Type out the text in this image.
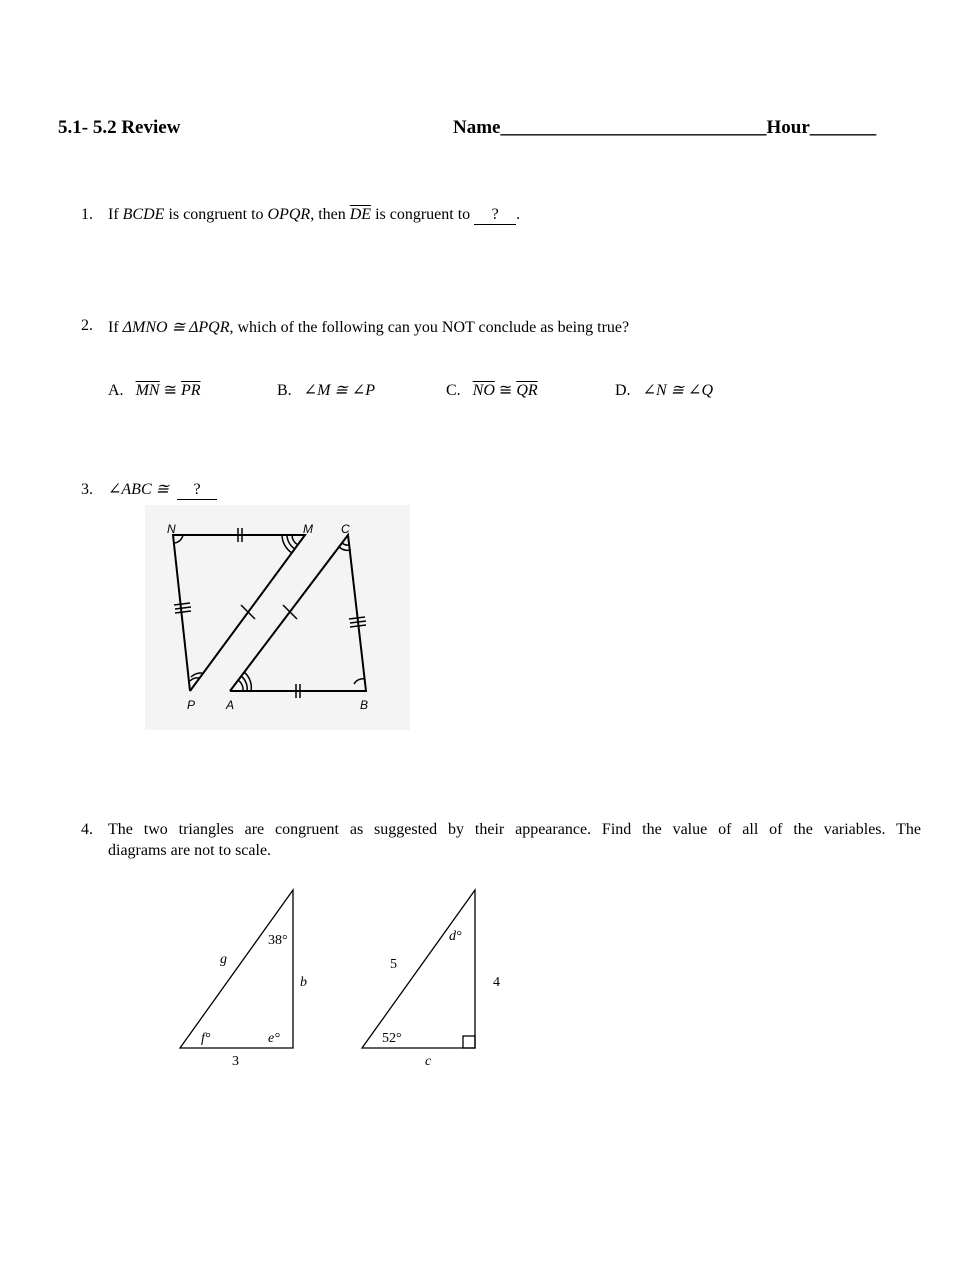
5.1- 5.2 Review	Name____________________________Hour_______
1. If BCDE is congruent to OPQR, then $\overline{DE}$ is congruent to ? .
2. If ΔMNO ≅ ΔPQR, which of the following can you NOT conclude as being true?
A. $\overline{MN}$ ≅ $\overline{PR}$	B. ∠M ≅ ∠P	C. $\overline{NO}$ ≅ $\overline{QR}$	D. ∠N ≅ ∠Q
3. ∠ABC ≅ ?
N	M C
P	A	B
4. The two triangles are congruent as suggested by their appearance. Find the value of all of the variables. The
diagrams are not to scale.
38°
g
b
f°	e°
3
d°
5
4
52°
c
